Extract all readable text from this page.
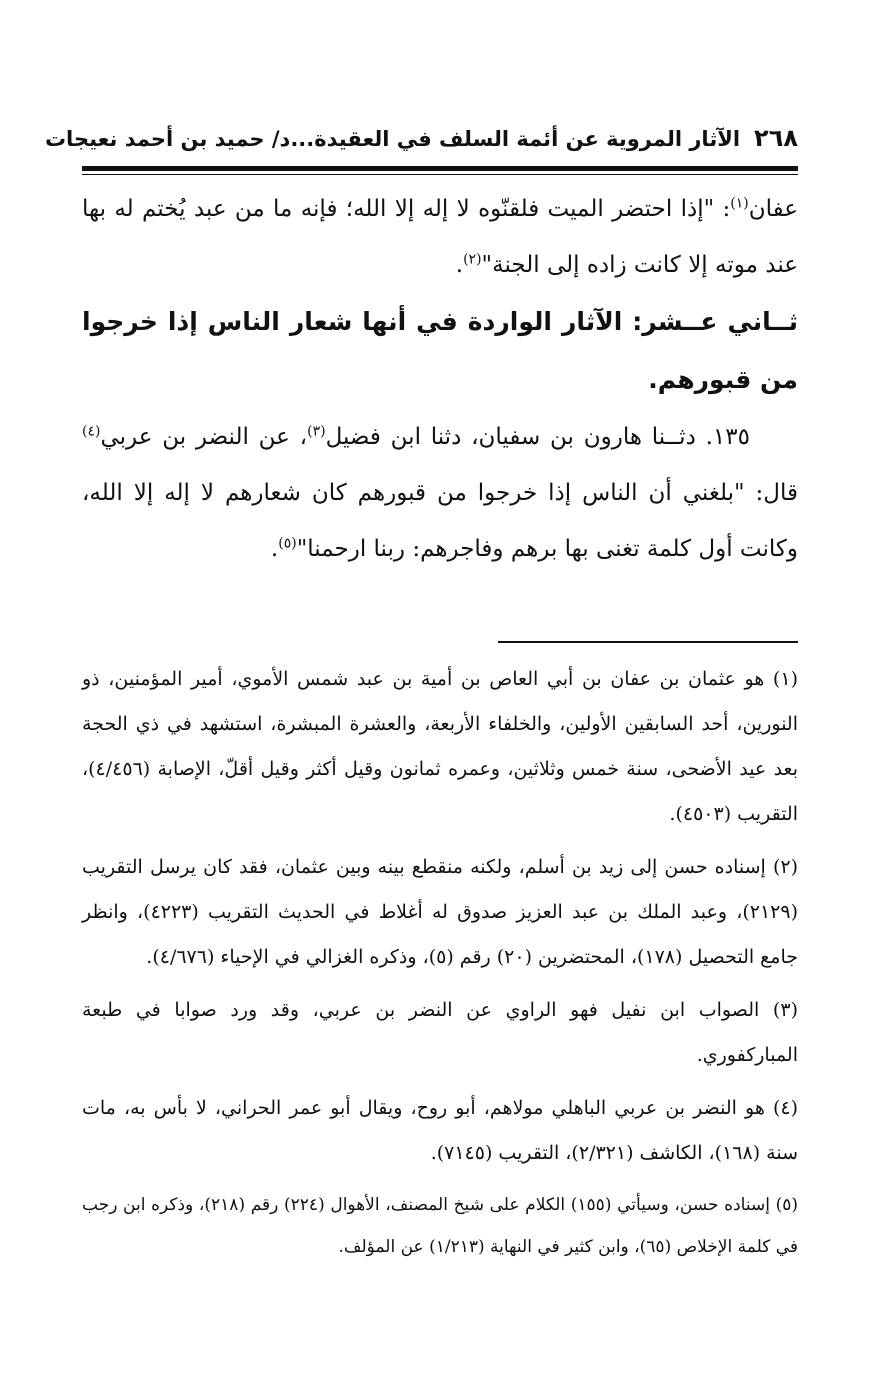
٢٦٨
الآثار المروية عن أئمة السلف في العقيدة...د/ حميد بن أحمد نعيجات

عفان$^{(١)}$: "إذا احتضر الميت فلقنّوه لا إله إلا الله؛ فإنه ما من عبد يُختم له بها عند موته إلا كانت زاده إلى الجنة"$^{(٢)}$.

ثــاني عــشر: الآثار الواردة في أنها شعار الناس إذا خرجوا من قبورهم.

١٣٥. دثــنا هارون بن سفيان، دثنا ابن فضيل$^{(٣)}$، عن النضر بن عربي$^{(٤)}$ قال: "بلغني أن الناس إذا خرجوا من قبورهم كان شعارهم لا إله إلا الله، وكانت أول كلمة تغنى بها برهم وفاجرهم: ربنا ارحمنا"$^{(٥)}$.

(١) هو عثمان بن عفان بن أبي العاص بن أمية بن عبد شمس الأموي، أمير المؤمنين، ذو النورين، أحد السابقين الأولين، والخلفاء الأربعة، والعشرة المبشرة، استشهد في ذي الحجة بعد عيد الأضحى، سنة خمس وثلاثين، وعمره ثمانون وقيل أكثر وقيل أقلّ، الإصابة (٤/٤٥٦)، التقريب (٤٥٠٣).

(٢) إسناده حسن إلى زيد بن أسلم، ولكنه منقطع بينه وبين عثمان، فقد كان يرسل التقريب (٢١٢٩)، وعبد الملك بن عبد العزيز صدوق له أغلاط في الحديث التقريب (٤٢٢٣)، وانظر جامع التحصيل (١٧٨)، المحتضرين (٢٠) رقم (٥)، وذكره الغزالي في الإحياء (٤/٦٧٦).

(٣) الصواب ابن نفيل فهو الراوي عن النضر بن عربي، وقد ورد صوابا في طبعة المباركفوري.

(٤) هو النضر بن عربي الباهلي مولاهم، أبو روح، ويقال أبو عمر الحراني، لا بأس به، مات سنة (١٦٨)، الكاشف (٢/٣٢١)، التقريب (٧١٤٥).

(٥) إسناده حسن، وسيأتي (١٥٥) الكلام على شيخ المصنف، الأهوال (٢٢٤) رقم (٢١٨)، وذكره ابن رجب في كلمة الإخلاص (٦٥)، وابن كثير في النهاية (١/٢١٣) عن المؤلف.
